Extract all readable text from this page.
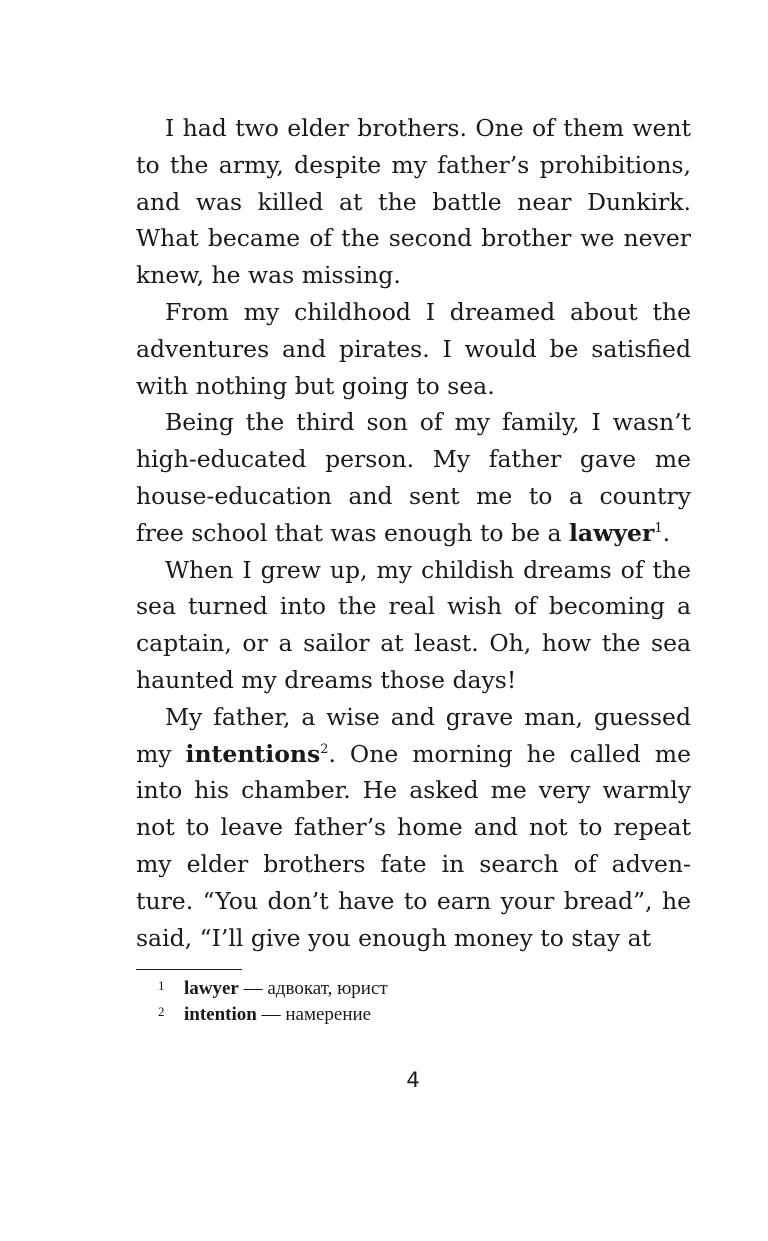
I had two elder brothers. One of them went to the army, despite my father’s prohibitions, and was killed at the battle near Dunkirk. What became of the second brother we never knew, he was missing.

From my childhood I dreamed about the adventures and pirates. I would be satisfied with nothing but going to sea.

Being the third son of my family, I wasn’t high-educated person. My father gave me house-education and sent me to a country free school that was enough to be a lawyer$^1$.

When I grew up, my childish dreams of the sea turned into the real wish of becoming a captain, or a sailor at least. Oh, how the sea haunted my dreams those days!

My father, a wise and grave man, guessed my intentions$^2$. One morning he called me into his chamber. He asked me very warmly not to leave father’s home and not to repeat my elder brothers fate in search of adven-ture. “You don’t have to earn your bread”, he said, “I’ll give you enough money to stay at

1	lawyer — адвокат, юрист
2	intention — намерение
4
